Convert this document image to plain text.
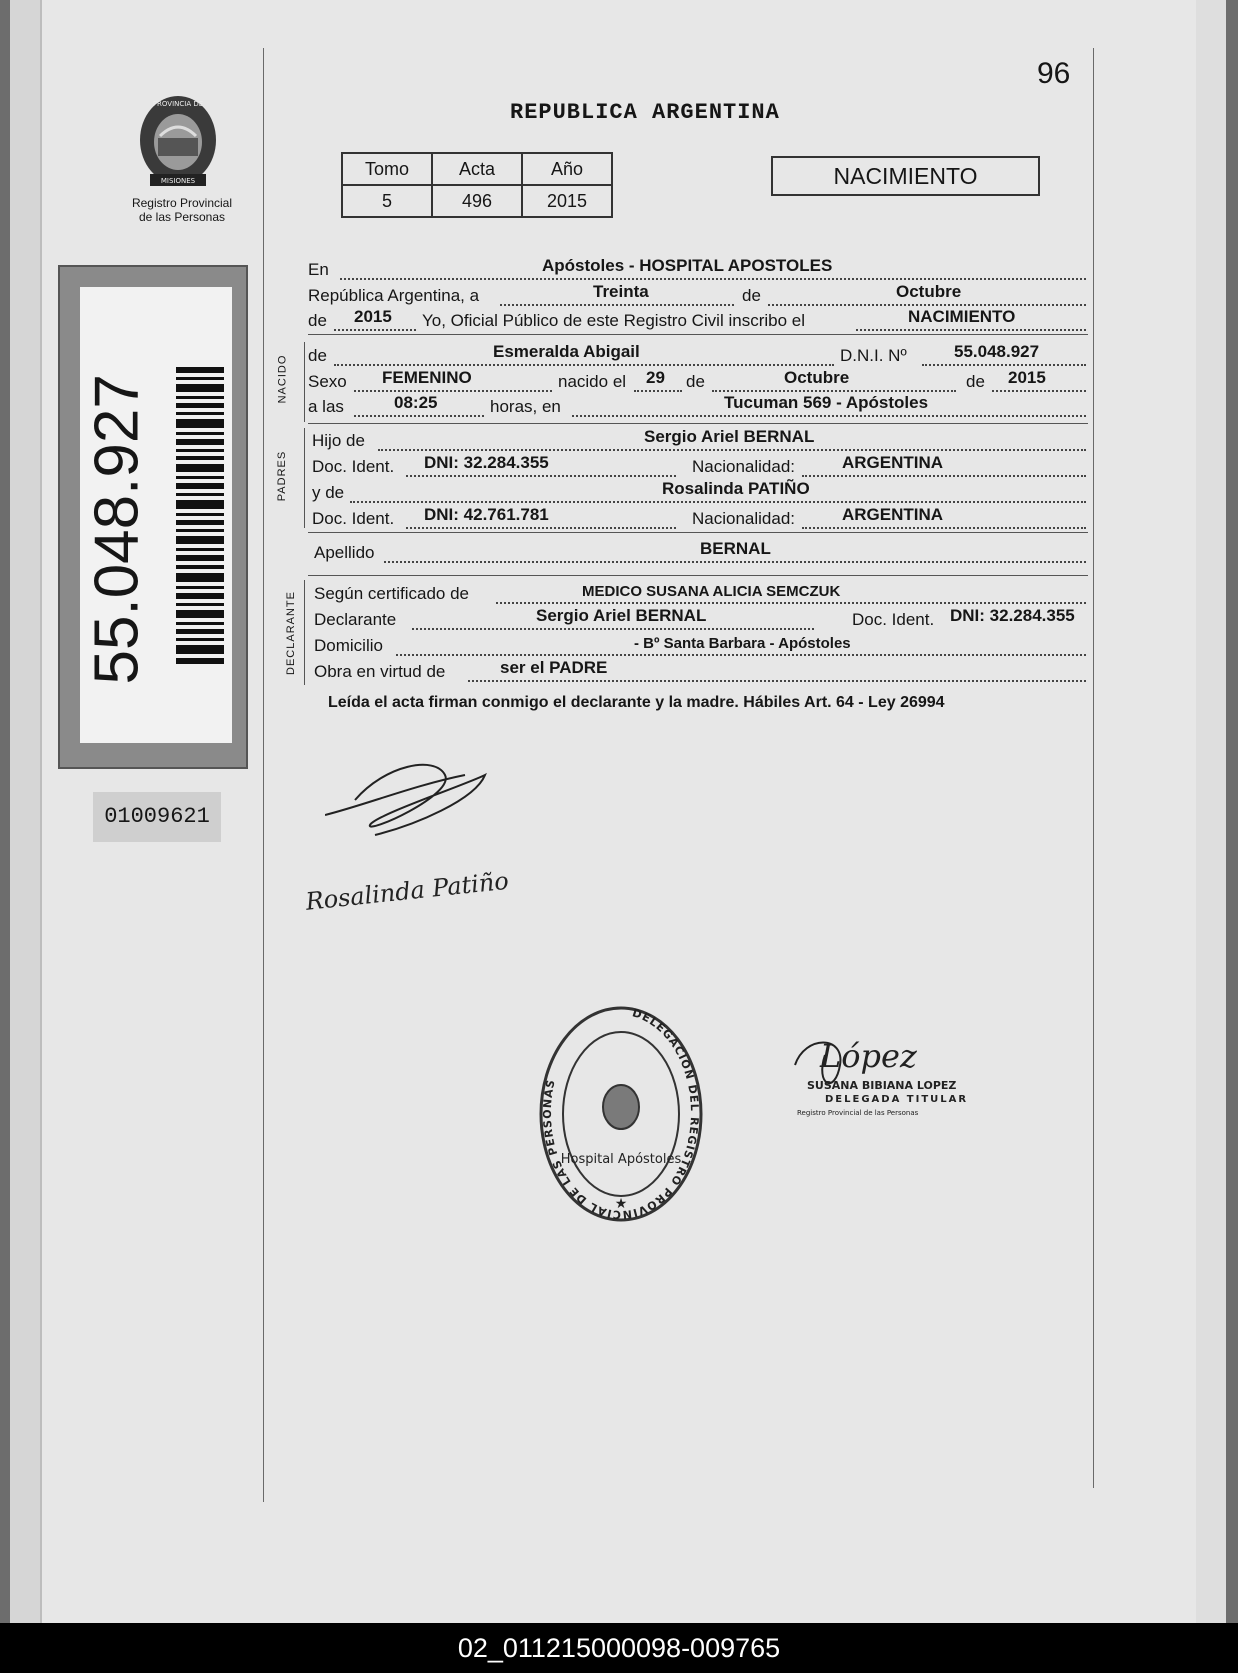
PROVINCIA DE
MISIONES
Registro Provincial
de las Personas
96
REPUBLICA ARGENTINA
Tomo	Acta	Año
5	496	2015
NACIMIENTO
55.048.927
01009621
NACIDO
PADRES
DECLARANTE
En	Apóstoles - HOSPITAL APOSTOLES
República Argentina, a	Treinta	de	Octubre
de 2015 Yo, Oficial Público de este Registro Civil inscribo el	NACIMIENTO
de	Esmeralda Abigail	D.N.I. Nº	55.048.927
Sexo FEMENINO	nacido el 29 de	Octubre	de 2015
a las	08:25	horas, en	Tucuman 569 - Apóstoles
Hijo de	Sergio Ariel BERNAL
Doc. Ident. DNI: 32.284.355	Nacionalidad:	ARGENTINA
y de	Rosalinda PATIÑO
Doc. Ident. DNI: 42.761.781	Nacionalidad:	ARGENTINA
Apellido	BERNAL
Según certificado de	MEDICO SUSANA ALICIA SEMCZUK
Declarante	Sergio Ariel BERNAL	Doc. Ident. DNI: 32.284.355
Domicilio	- Bº Santa Barbara - Apóstoles
Obra en virtud de	ser el PADRE
Leída el acta firman conmigo el declarante y la madre. Hábiles Art. 64 - Ley 26994
Rosalinda Patiño
DELEGACION DEL REGISTRO PROVINCIAL DE LAS PERSONAS
Hospital Apóstoles
★
López
SUSANA BIBIANA LOPEZ
DELEGADA TITULAR
Registro Provincial de las Personas
02_011215000098-009765
